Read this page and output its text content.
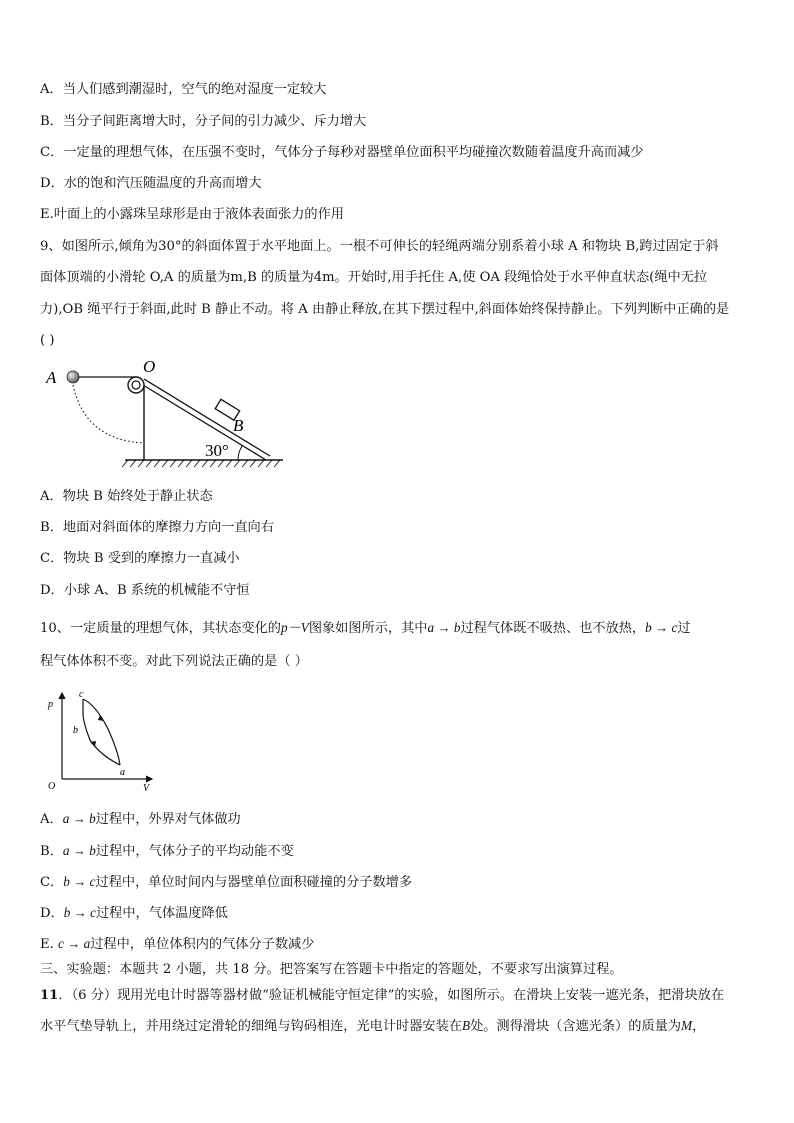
A．当人们感到潮湿时，空气的绝对湿度一定较大
B．当分子间距离增大时，分子间的引力减少、斥力增大
C．一定量的理想气体，在压强不变时，气体分子每秒对器壁单位面积平均碰撞次数随着温度升高而减少
D．水的饱和汽压随温度的升高而增大
E.叶面上的小露珠呈球形是由于液体表面张力的作用
9、如图所示,倾角为30°的斜面体置于水平地面上。一根不可伸长的轻绳两端分别系着小球 A 和物块 B,跨过固定于斜
面体顶端的小滑轮 O,A 的质量为m,B 的质量为4m。开始时,用手托住 A,使 OA 段绳恰处于水平伸直状态(绳中无拉
力),OB 绳平行于斜面,此时 B 静止不动。将 A 由静止释放,在其下摆过程中,斜面体始终保持静止。下列判断中正确的是
( )
A
O
B
30°
A．物块 B 始终处于静止状态
B．地面对斜面体的摩擦力方向一直向右
C．物块 B 受到的摩擦力一直减小
D．小球 A、B 系统的机械能不守恒
10、一定质量的理想气体，其状态变化的p－V图象如图所示，其中a → b过程气体既不吸热、也不放热，b → c过
程气体体积不变。对此下列说法正确的是（ ）
p
V
O
a
b
c
A．a → b过程中，外界对气体做功
B．a → b过程中，气体分子的平均动能不变
C．b → c过程中，单位时间内与器壁单位面积碰撞的分子数增多
D．b → c过程中，气体温度降低
E. c → a过程中，单位体积内的气体分子数减少
三、实验题：本题共 2 小题，共 18 分。把答案写在答题卡中指定的答题处，不要求写出演算过程。
11．（6 分）现用光电计时器等器材做“验证机械能守恒定律”的实验，如图所示。在滑块上安装一遮光条，把滑块放在
水平气垫导轨上，并用绕过定滑轮的细绳与钩码相连，光电计时器安装在B处。测得滑块（含遮光条）的质量为M，
